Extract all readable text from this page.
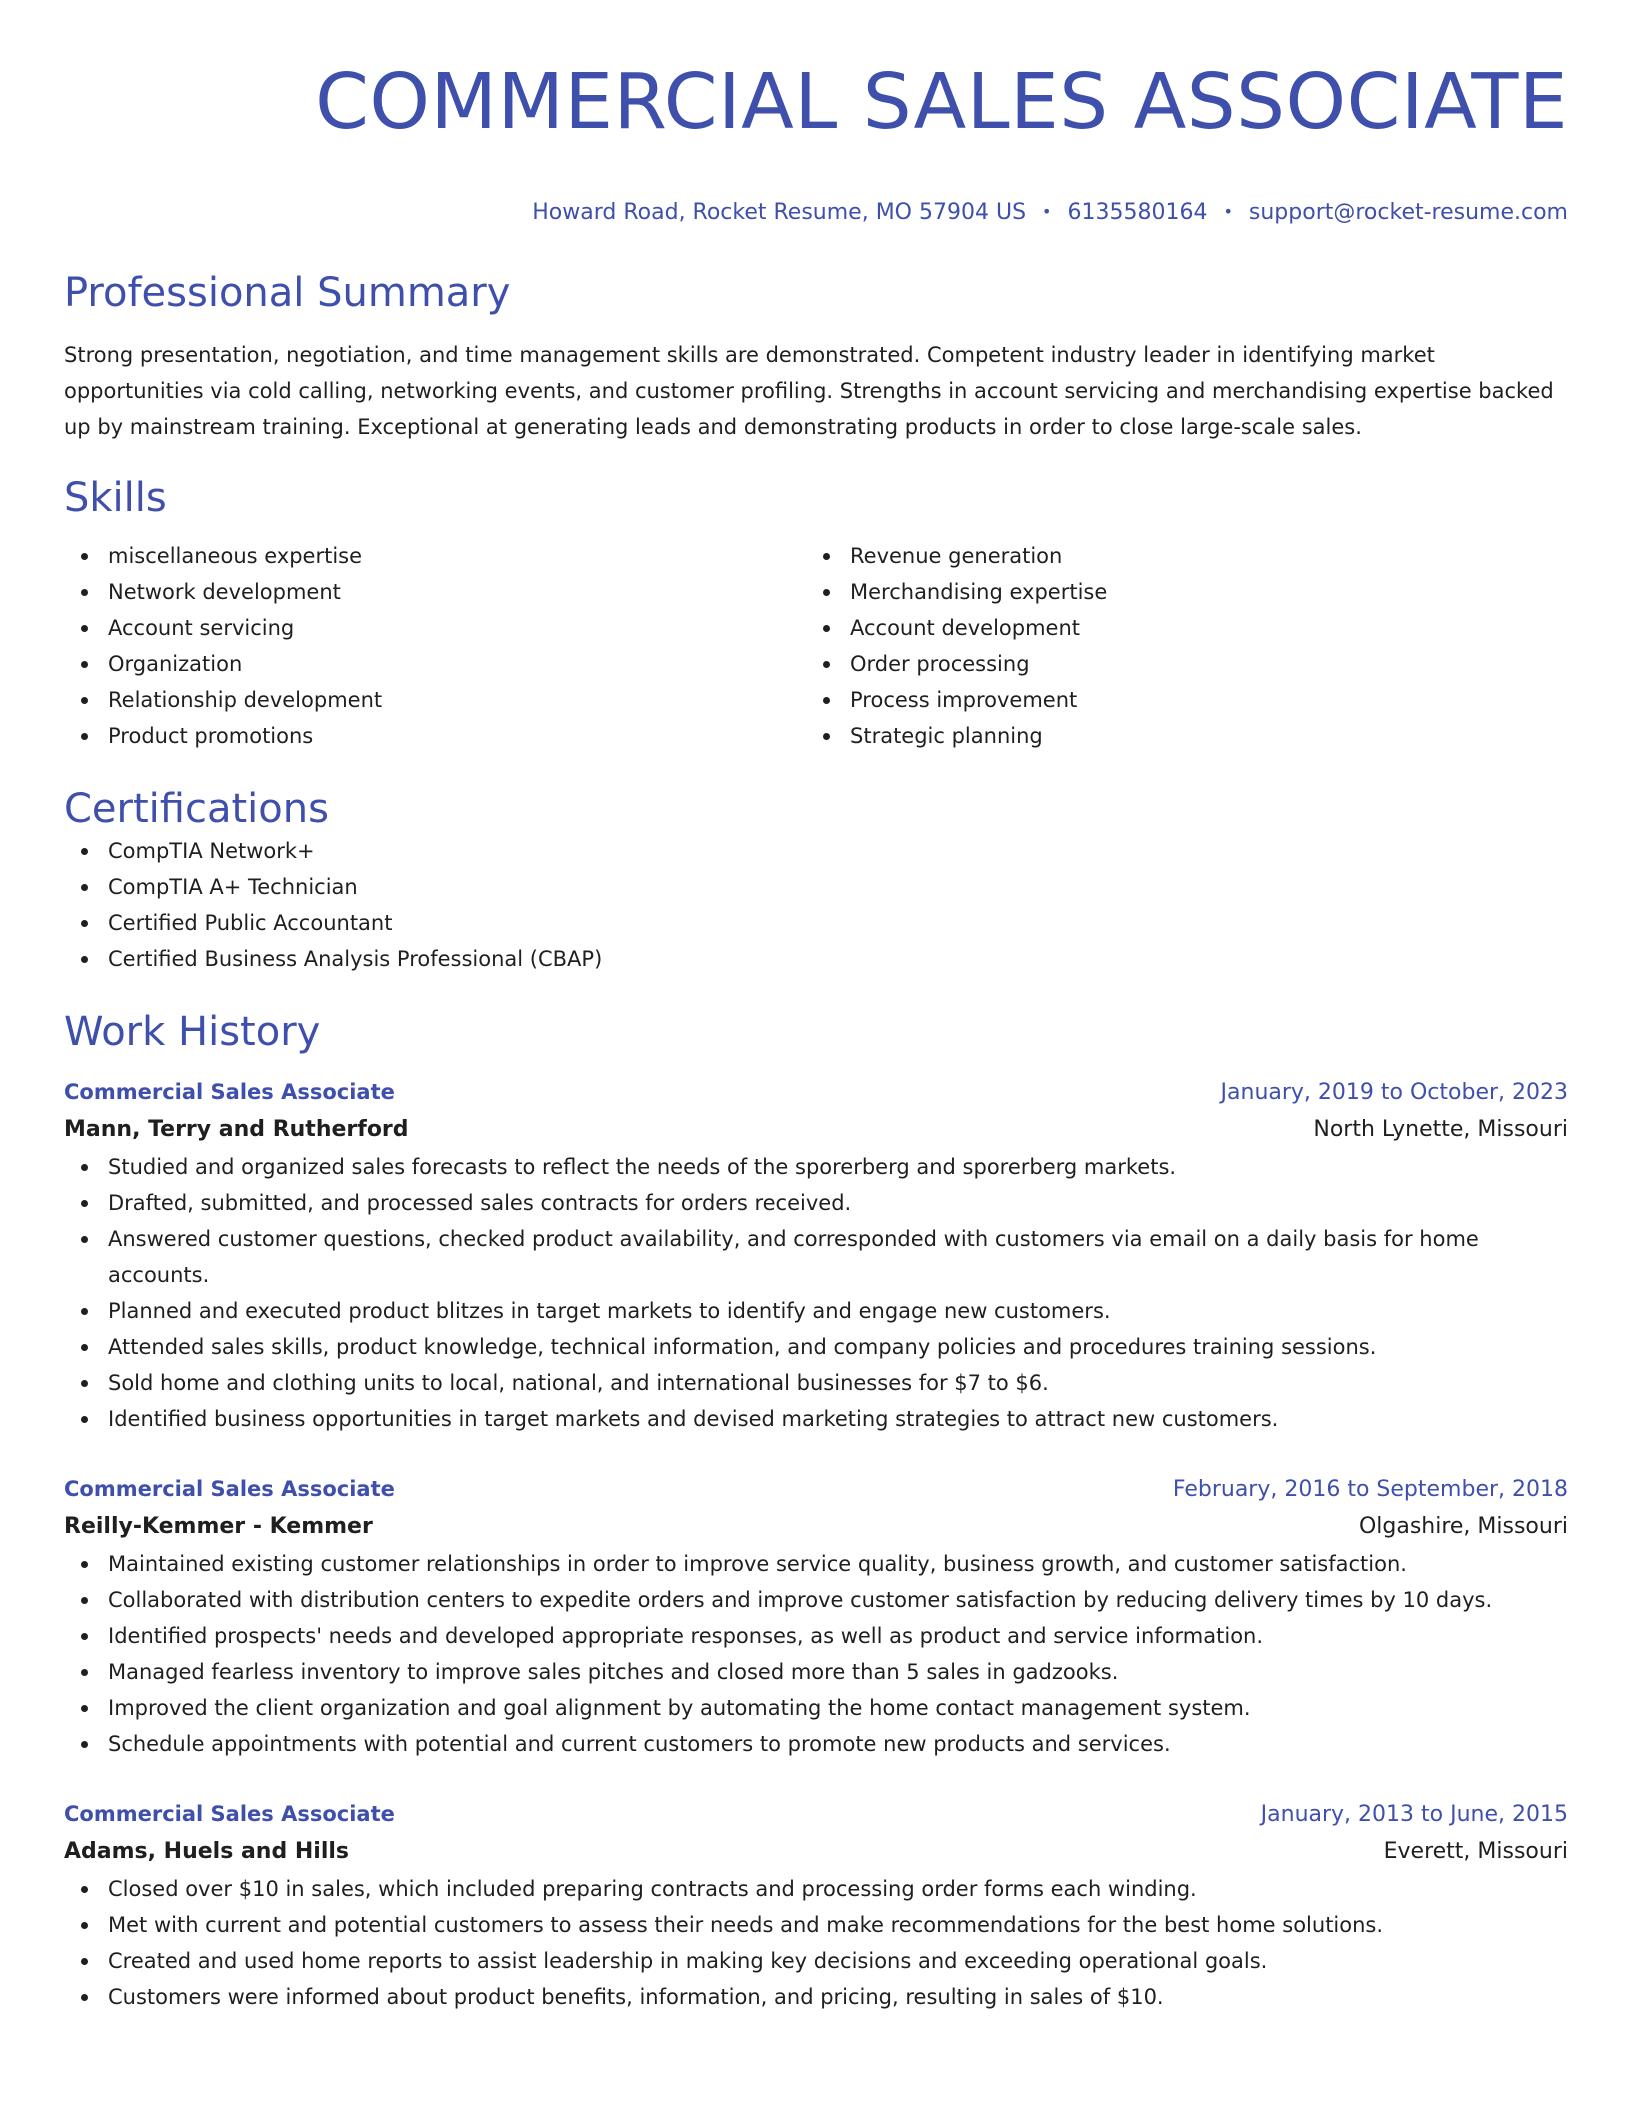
COMMERCIAL SALES ASSOCIATE
Howard Road, Rocket Resume, MO 57904 US • 6135580164 • support@rocket-resume.com
Professional Summary

Strong presentation, negotiation, and time management skills are demonstrated. Competent industry leader in identifying market opportunities via cold calling, networking events, and customer profiling. Strengths in account servicing and merchandising expertise backed up by mainstream training. Exceptional at generating leads and demonstrating products in order to close large-scale sales.

Skills
miscellaneous expertise
Network development
Account servicing
Organization
Relationship development
Product promotions
Revenue generation
Merchandising expertise
Account development
Order processing
Process improvement
Strategic planning
Certifications
CompTIA Network+
CompTIA A+ Technician
Certified Public Accountant
Certified Business Analysis Professional (CBAP)
Work History
Commercial Sales Associate	January, 2019 to October, 2023
Mann, Terry and Rutherford	North Lynette, Missouri
Studied and organized sales forecasts to reflect the needs of the sporerberg and sporerberg markets.
Drafted, submitted, and processed sales contracts for orders received.
Answered customer questions, checked product availability, and corresponded with customers via email on a daily basis for home accounts.
Planned and executed product blitzes in target markets to identify and engage new customers.
Attended sales skills, product knowledge, technical information, and company policies and procedures training sessions.
Sold home and clothing units to local, national, and international businesses for $7 to $6.
Identified business opportunities in target markets and devised marketing strategies to attract new customers.
Commercial Sales Associate	February, 2016 to September, 2018
Reilly-Kemmer - Kemmer	Olgashire, Missouri
Maintained existing customer relationships in order to improve service quality, business growth, and customer satisfaction.
Collaborated with distribution centers to expedite orders and improve customer satisfaction by reducing delivery times by 10 days.
Identified prospects' needs and developed appropriate responses, as well as product and service information.
Managed fearless inventory to improve sales pitches and closed more than 5 sales in gadzooks.
Improved the client organization and goal alignment by automating the home contact management system.
Schedule appointments with potential and current customers to promote new products and services.
Commercial Sales Associate	January, 2013 to June, 2015
Adams, Huels and Hills	Everett, Missouri
Closed over $10 in sales, which included preparing contracts and processing order forms each winding.
Met with current and potential customers to assess their needs and make recommendations for the best home solutions.
Created and used home reports to assist leadership in making key decisions and exceeding operational goals.
Customers were informed about product benefits, information, and pricing, resulting in sales of $10.
